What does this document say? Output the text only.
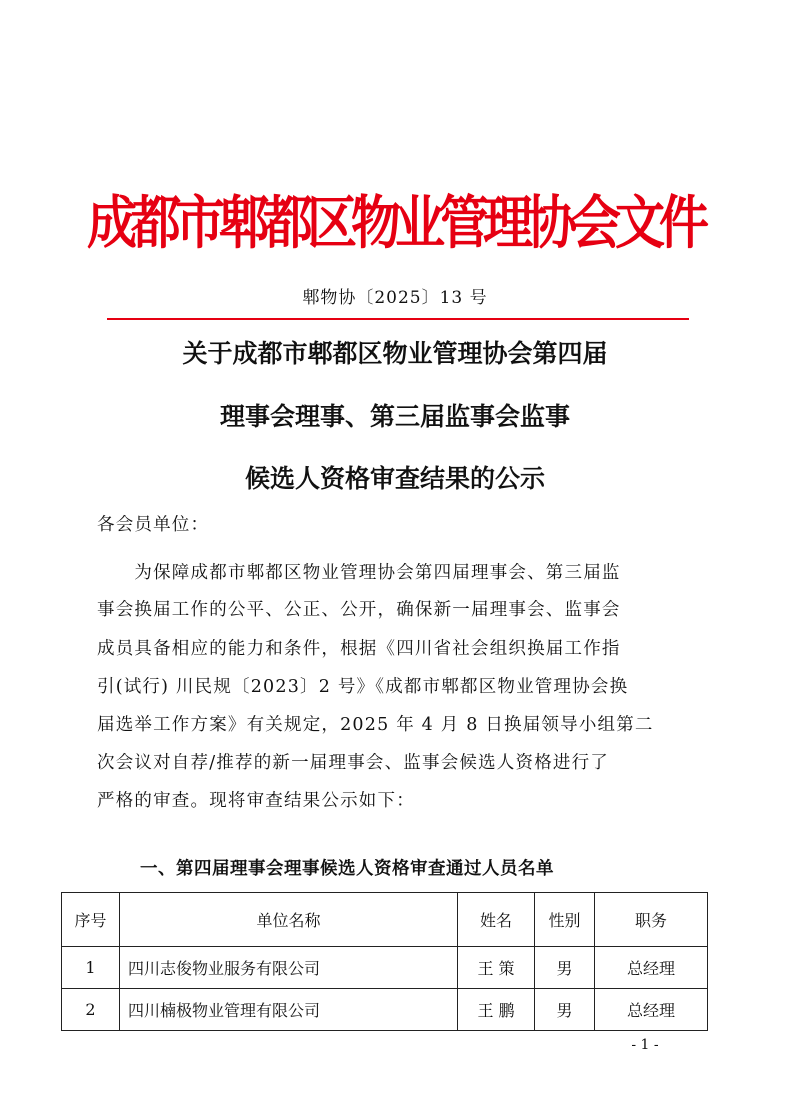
成都市郫都区物业管理协会文件
郫物协〔2025〕13 号
关于成都市郫都区物业管理协会第四届
理事会理事、第三届监事会监事
候选人资格审查结果的公示
各会员单位：
　　为保障成都市郫都区物业管理协会第四届理事会、第三届监
事会换届工作的公平、公正、公开，确保新一届理事会、监事会
成员具备相应的能力和条件，根据《四川省社会组织换届工作指
引(试行) 川民规〔2023〕2 号》《成都市郫都区物业管理协会换
届选举工作方案》有关规定，2025 年 4 月 8 日换届领导小组第二
次会议对自荐/推荐的新一届理事会、监事会候选人资格进行了
严格的审查。现将审查结果公示如下：
一、第四届理事会理事候选人资格审查通过人员名单
序号	单位名称	姓名	性别	职务
1	四川志俊物业服务有限公司	王 策	男	总经理
2	四川楠极物业管理有限公司	王 鹏	男	总经理
- 1 -
